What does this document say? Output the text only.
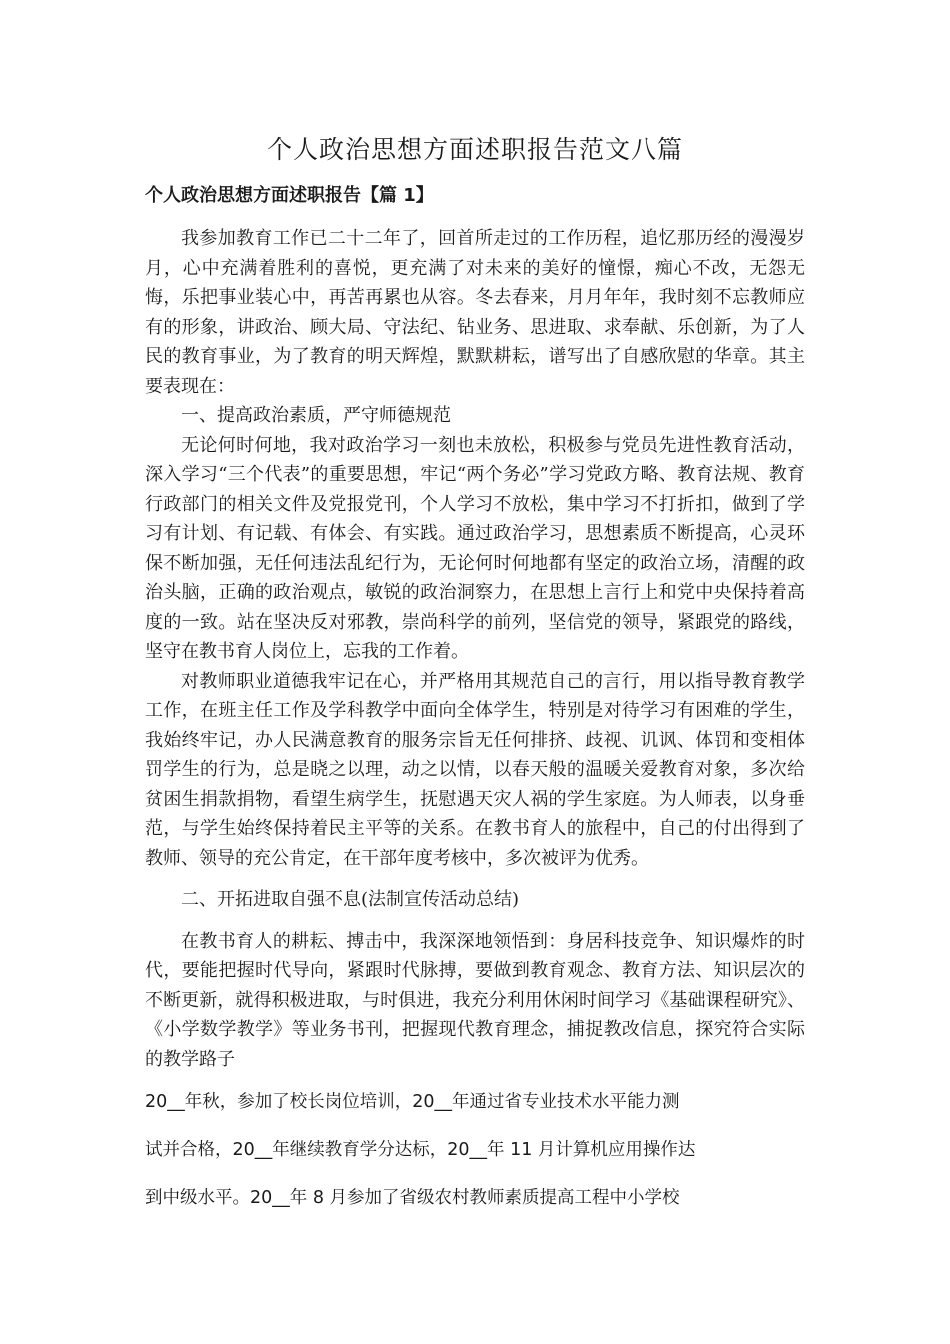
个人政治思想方面述职报告范文八篇
个人政治思想方面述职报告【篇 1】

我参加教育工作已二十二年了，回首所走过的工作历程，追忆那历经的漫漫岁月，心中充满着胜利的喜悦，更充满了对未来的美好的憧憬，痴心不改，无怨无悔，乐把事业装心中，再苦再累也从容。冬去春来，月月年年，我时刻不忘教师应有的形象，讲政治、顾大局、守法纪、钻业务、思进取、求奉献、乐创新，为了人民的教育事业，为了教育的明天辉煌，默默耕耘，谱写出了自感欣慰的华章。其主要表现在：

一、提高政治素质，严守师德规范

无论何时何地，我对政治学习一刻也未放松，积极参与党员先进性教育活动，深入学习“三个代表”的重要思想，牢记“两个务必”学习党政方略、教育法规、教育行政部门的相关文件及党报党刊，个人学习不放松，集中学习不打折扣，做到了学习有计划、有记载、有体会、有实践。通过政治学习，思想素质不断提高，心灵环保不断加强，无任何违法乱纪行为，无论何时何地都有坚定的政治立场，清醒的政治头脑，正确的政治观点，敏锐的政治洞察力，在思想上言行上和党中央保持着高度的一致。站在坚决反对邪教，崇尚科学的前列，坚信党的领导，紧跟党的路线，坚守在教书育人岗位上，忘我的工作着。

对教师职业道德我牢记在心，并严格用其规范自己的言行，用以指导教育教学工作，在班主任工作及学科教学中面向全体学生，特别是对待学习有困难的学生，我始终牢记，办人民满意教育的服务宗旨无任何排挤、歧视、讥讽、体罚和变相体罚学生的行为，总是晓之以理，动之以情，以春天般的温暖关爱教育对象，多次给贫困生捐款捐物，看望生病学生，抚慰遇天灾人祸的学生家庭。为人师表，以身垂范，与学生始终保持着民主平等的关系。在教书育人的旅程中，自己的付出得到了教师、领导的充公肯定，在干部年度考核中，多次被评为优秀。

二、开拓进取自强不息(法制宣传活动总结)

在教书育人的耕耘、搏击中，我深深地领悟到：身居科技竞争、知识爆炸的时代，要能把握时代导向，紧跟时代脉搏，要做到教育观念、教育方法、知识层次的不断更新，就得积极进取，与时俱进，我充分利用休闲时间学习《基础课程研究》、《小学数学教学》等业务书刊，把握现代教育理念，捕捉教改信息，探究符合实际的教学路子

20__年秋，参加了校长岗位培训，20__年通过省专业技术水平能力测
试并合格，20__年继续教育学分达标，20__年 11 月计算机应用操作达
到中级水平。20__年 8 月参加了省级农村教师素质提高工程中小学校
